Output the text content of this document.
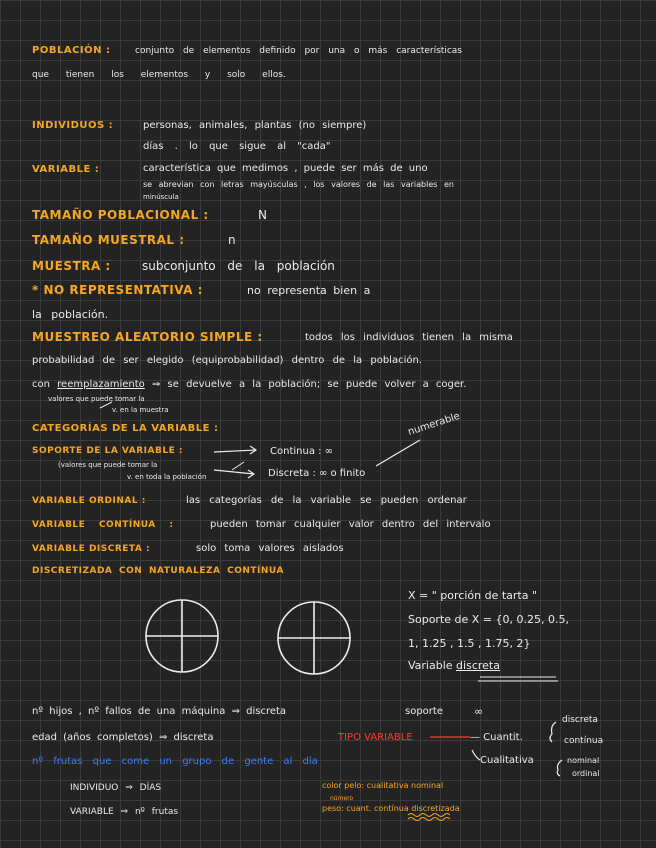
POBLACIÓN :	conjunto de elementos definido por una o más características
que tienen los elementos y solo ellos.
INDIVIDUOS :	personas, animales, plantas (no siempre)
días . lo que sigue al "cada"
VARIABLE :	característica que medimos , puede ser más de uno
se abrevian con letras mayúsculas , los valores de las variables en
minúscula
TAMAÑO POBLACIONAL :	N
TAMAÑO MUESTRAL :	n
MUESTRA :	subconjunto de la población
* NO REPRESENTATIVA :	no representa bien a
la población.
MUESTREO ALEATORIO SIMPLE :	todos los individuos tienen la misma
probabilidad de ser elegido (equiprobabilidad) dentro de la población.
con reemplazamiento ⇒ se devuelve a la población; se puede volver a coger.
valores que puede tomar la
v. en la muestra
CATEGORÍAS DE LA VARIABLE :
SOPORTE DE LA VARIABLE :	Continua : ∞
Discreta : ∞ o finito
numerable
(valores que puede tomar la
v. en toda la población
VARIABLE ORDINAL :	las categorías de la variable se pueden ordenar
VARIABLE CONTÍNUA :	pueden tomar cualquier valor dentro del intervalo
VARIABLE DISCRETA :	solo toma valores aislados
DISCRETIZADA CON NATURALEZA CONTÍNUA
X = " porción de tarta "
Soporte de X = {0, 0.25, 0.5,
1, 1.25 , 1.5 , 1.75, 2}
Variable discreta
nº hijos , nº fallos de una máquina ⇒ discreta	soporte	∞
edad (años completos) ⇒ discreta	TIPO VARIABLE	— Cuantit.
discreta
contínua
Cualitativa	nominal
ordinal
nº frutas que come un grupo de gente al día
INDIVIDUO ⇒ DÍAS
VARIABLE ⇒ nº frutas
color pelo: cualitativa nominal
número
peso: cuant. contínua discretizada
